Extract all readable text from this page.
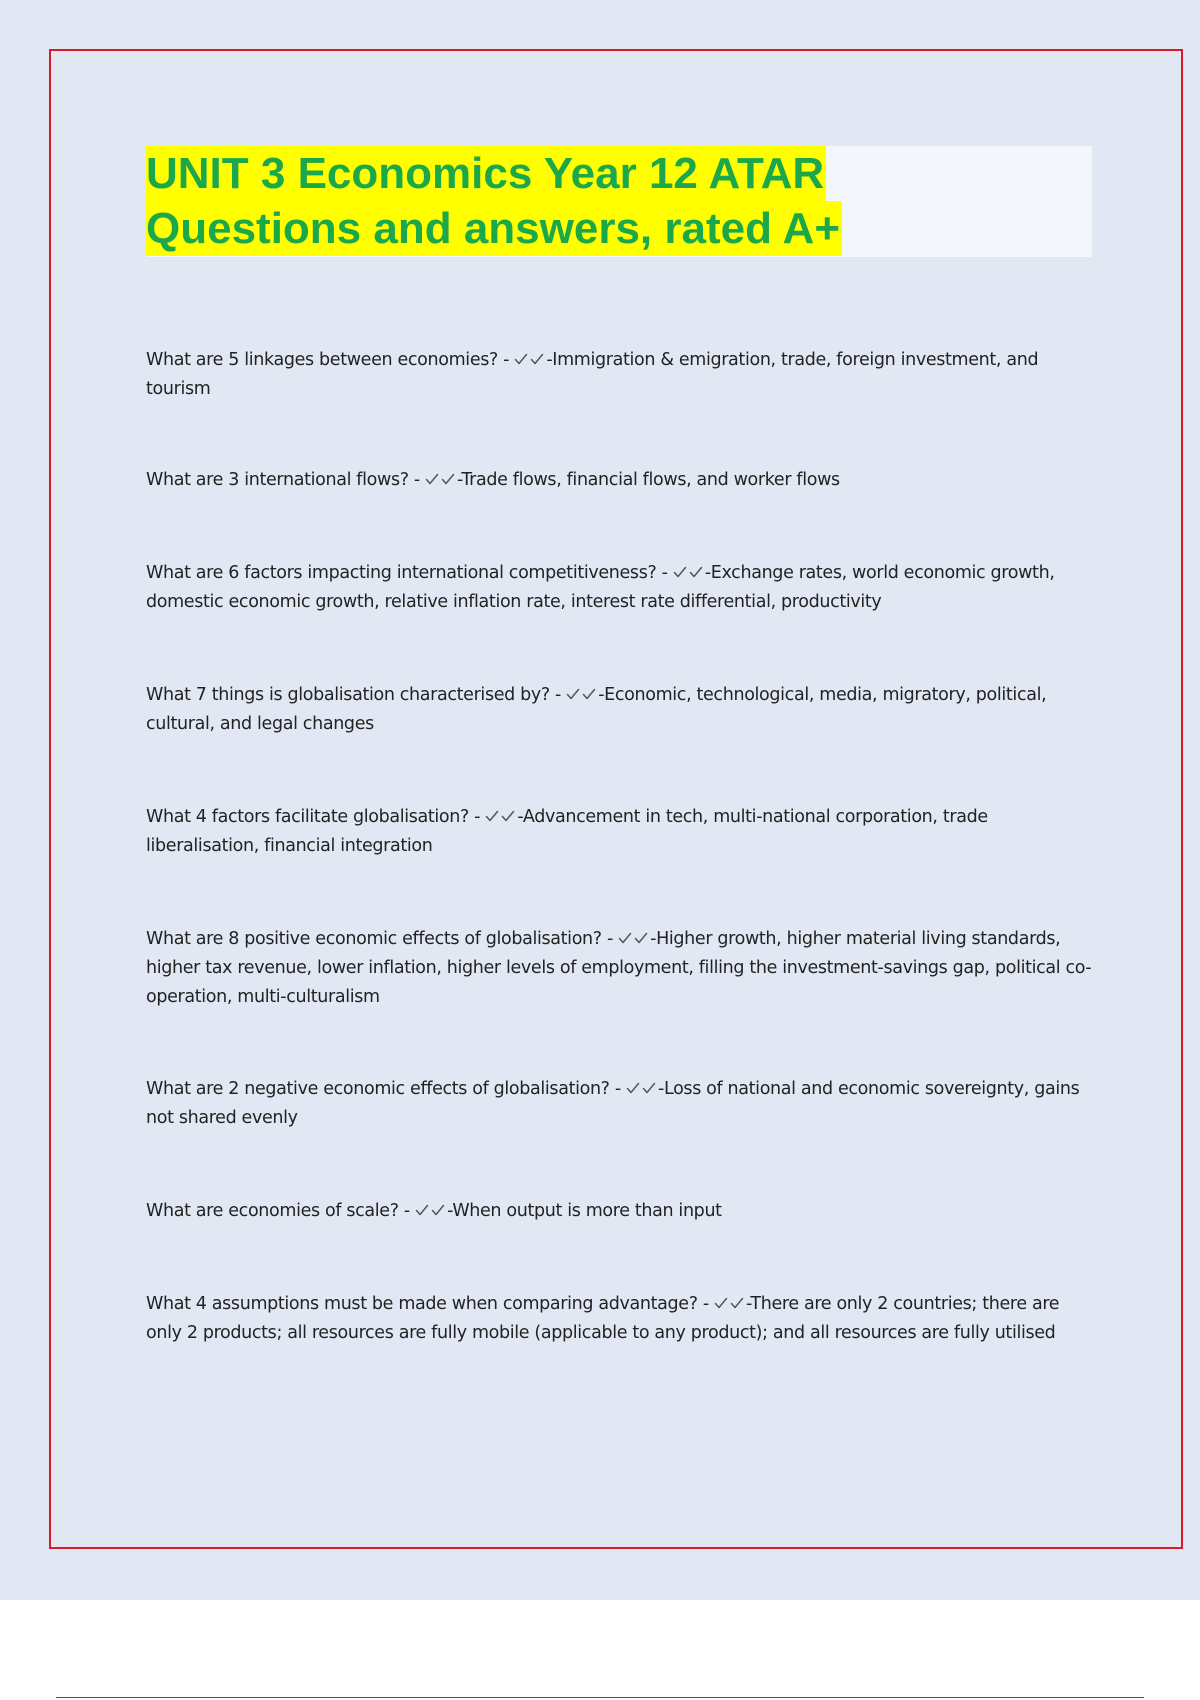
UNIT 3 Economics Year 12 ATAR
Questions and answers, rated A+

What are 5 linkages between economies? - -Immigration & emigration, trade, foreign investment, and tourism

What are 3 international flows? - -Trade flows, financial flows, and worker flows

What are 6 factors impacting international competitiveness? - -Exchange rates, world economic growth, domestic economic growth, relative inflation rate, interest rate differential, productivity

What 7 things is globalisation characterised by? - -Economic, technological, media, migratory, political, cultural, and legal changes

What 4 factors facilitate globalisation? - -Advancement in tech, multi-national corporation, trade liberalisation, financial integration

What are 8 positive economic effects of globalisation? - -Higher growth, higher material living standards, higher tax revenue, lower inflation, higher levels of employment, filling the investment-savings gap, political co-operation, multi-culturalism

What are 2 negative economic effects of globalisation? - -Loss of national and economic sovereignty, gains not shared evenly

What are economies of scale? - -When output is more than input

What 4 assumptions must be made when comparing advantage? - -There are only 2 countries; there are only 2 products; all resources are fully mobile (applicable to any product); and all resources are fully utilised
